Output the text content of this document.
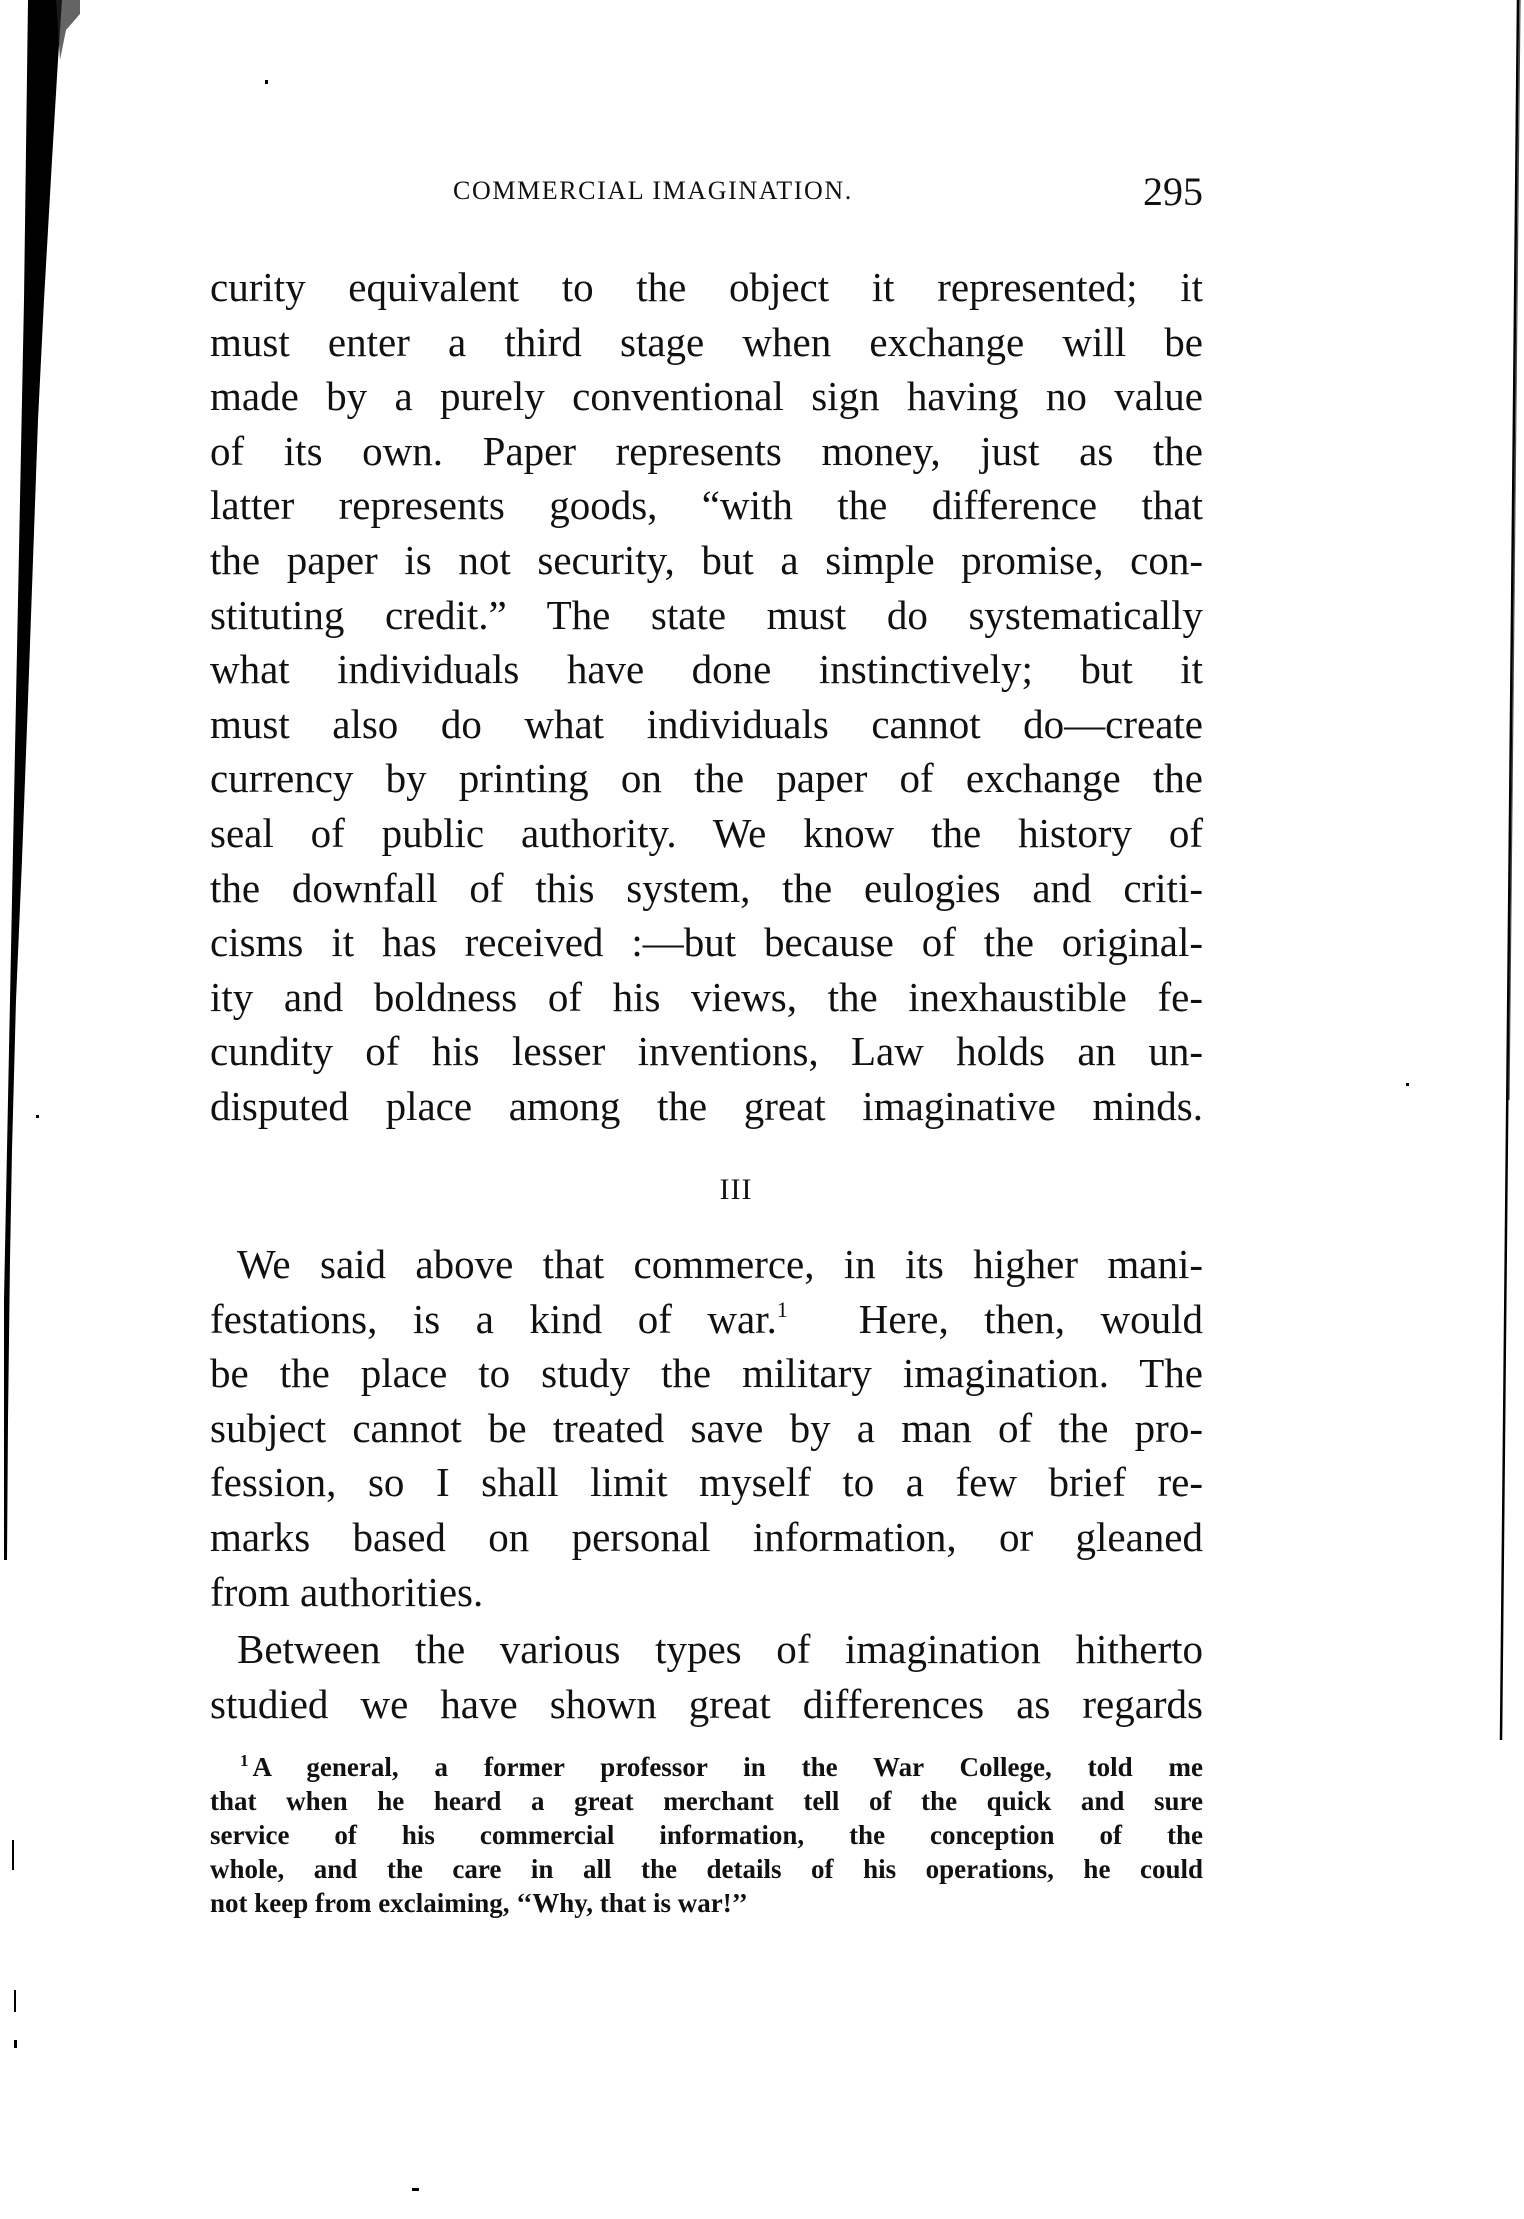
COMMERCIAL IMAGINATION.	295
curity equivalent to the object it represented; it
must enter a third stage when exchange will be
made by a purely conventional sign having no value
of its own. Paper represents money, just as the
latter represents goods, “with the difference that
the paper is not security, but a simple promise, con-
stituting credit.” The state must do systematically
what individuals have done instinctively; but it
must also do what individuals cannot do—create
currency by printing on the paper of exchange the
seal of public authority. We know the history of
the downfall of this system, the eulogies and criti-
cisms it has received :—but because of the original-
ity and boldness of his views, the inexhaustible fe-
cundity of his lesser inventions, Law holds an un-
disputed place among the great imaginative minds.
III
We said above that commerce, in its higher mani-
festations, is a kind of war.$^1$  Here, then, would
be the place to study the military imagination. The
subject cannot be treated save by a man of the pro-
fession, so I shall limit myself to a few brief re-
marks based on personal information, or gleaned
from authorities.
Between the various types of imagination hitherto
studied we have shown great differences as regards
$^1$ A general, a former professor in the War College, told me
that when he heard a great merchant tell of the quick and sure
service of his commercial information, the conception of the
whole, and the care in all the details of his operations, he could
not keep from exclaiming, ‘‘Why, that is war!’’
